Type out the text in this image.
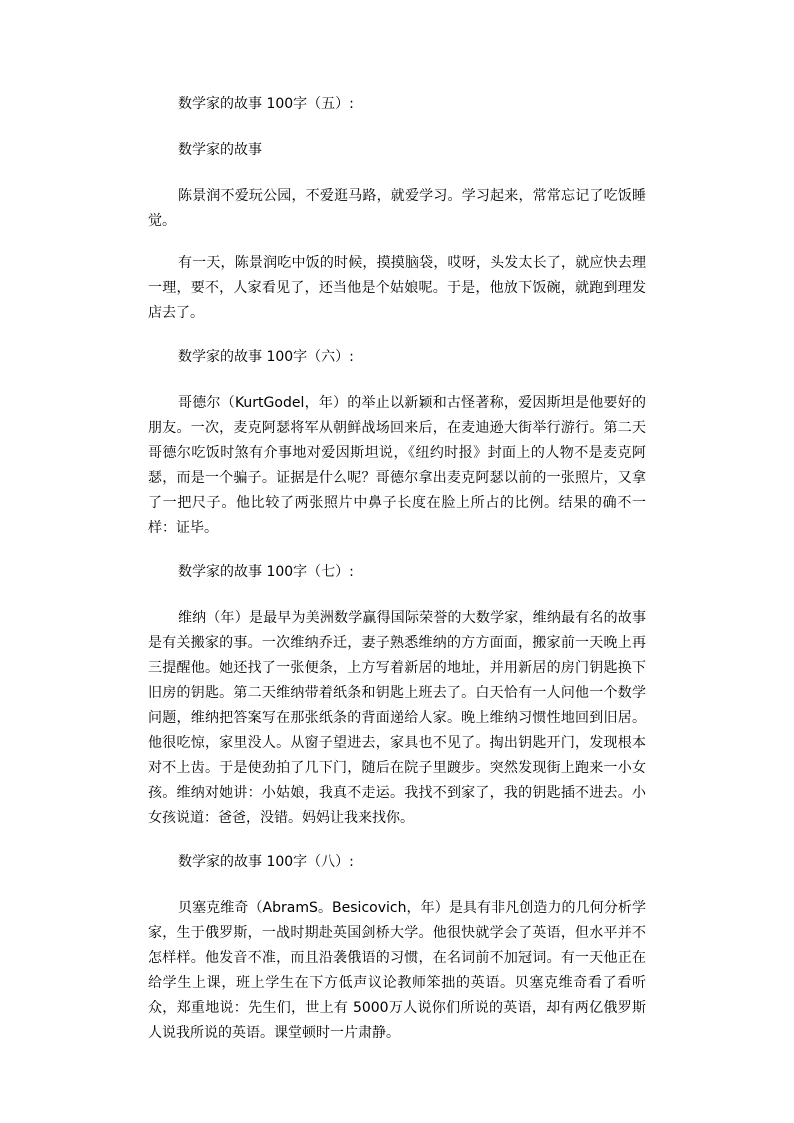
数学家的故事 100字（五）:

数学家的故事

陈景润不爱玩公园，不爱逛马路，就爱学习。学习起来，常常忘记了吃饭睡觉。

有一天，陈景润吃中饭的时候，摸摸脑袋，哎呀，头发太长了，就应快去理一理，要不，人家看见了，还当他是个姑娘呢。于是，他放下饭碗，就跑到理发店去了。

数学家的故事 100字（六）:

哥德尔（KurtGodel，年）的举止以新颖和古怪著称，爱因斯坦是他要好的朋友。一次，麦克阿瑟将军从朝鲜战场回来后，在麦迪逊大街举行游行。第二天哥德尔吃饭时煞有介事地对爱因斯坦说，《纽约时报》封面上的人物不是麦克阿瑟，而是一个骗子。证据是什么呢？哥德尔拿出麦克阿瑟以前的一张照片，又拿了一把尺子。他比较了两张照片中鼻子长度在脸上所占的比例。结果的确不一样：证毕。

数学家的故事 100字（七）:

维纳（年）是最早为美洲数学赢得国际荣誉的大数学家，维纳最有名的故事是有关搬家的事。一次维纳乔迁，妻子熟悉维纳的方方面面，搬家前一天晚上再三提醒他。她还找了一张便条，上方写着新居的地址，并用新居的房门钥匙换下旧房的钥匙。第二天维纳带着纸条和钥匙上班去了。白天恰有一人问他一个数学问题，维纳把答案写在那张纸条的背面递给人家。晚上维纳习惯性地回到旧居。他很吃惊，家里没人。从窗子望进去，家具也不见了。掏出钥匙开门，发现根本对不上齿。于是使劲拍了几下门，随后在院子里踱步。突然发现街上跑来一小女孩。维纳对她讲：小姑娘，我真不走运。我找不到家了，我的钥匙插不进去。小女孩说道：爸爸，没错。妈妈让我来找你。

数学家的故事 100字（八）:

贝塞克维奇（AbramS。Besicovich，年）是具有非凡创造力的几何分析学家，生于俄罗斯，一战时期赴英国剑桥大学。他很快就学会了英语，但水平并不怎样样。他发音不准，而且沿袭俄语的习惯，在名词前不加冠词。有一天他正在给学生上课，班上学生在下方低声议论教师笨拙的英语。贝塞克维奇看了看听众，郑重地说：先生们，世上有 5000万人说你们所说的英语，却有两亿俄罗斯人说我所说的英语。课堂顿时一片肃静。
